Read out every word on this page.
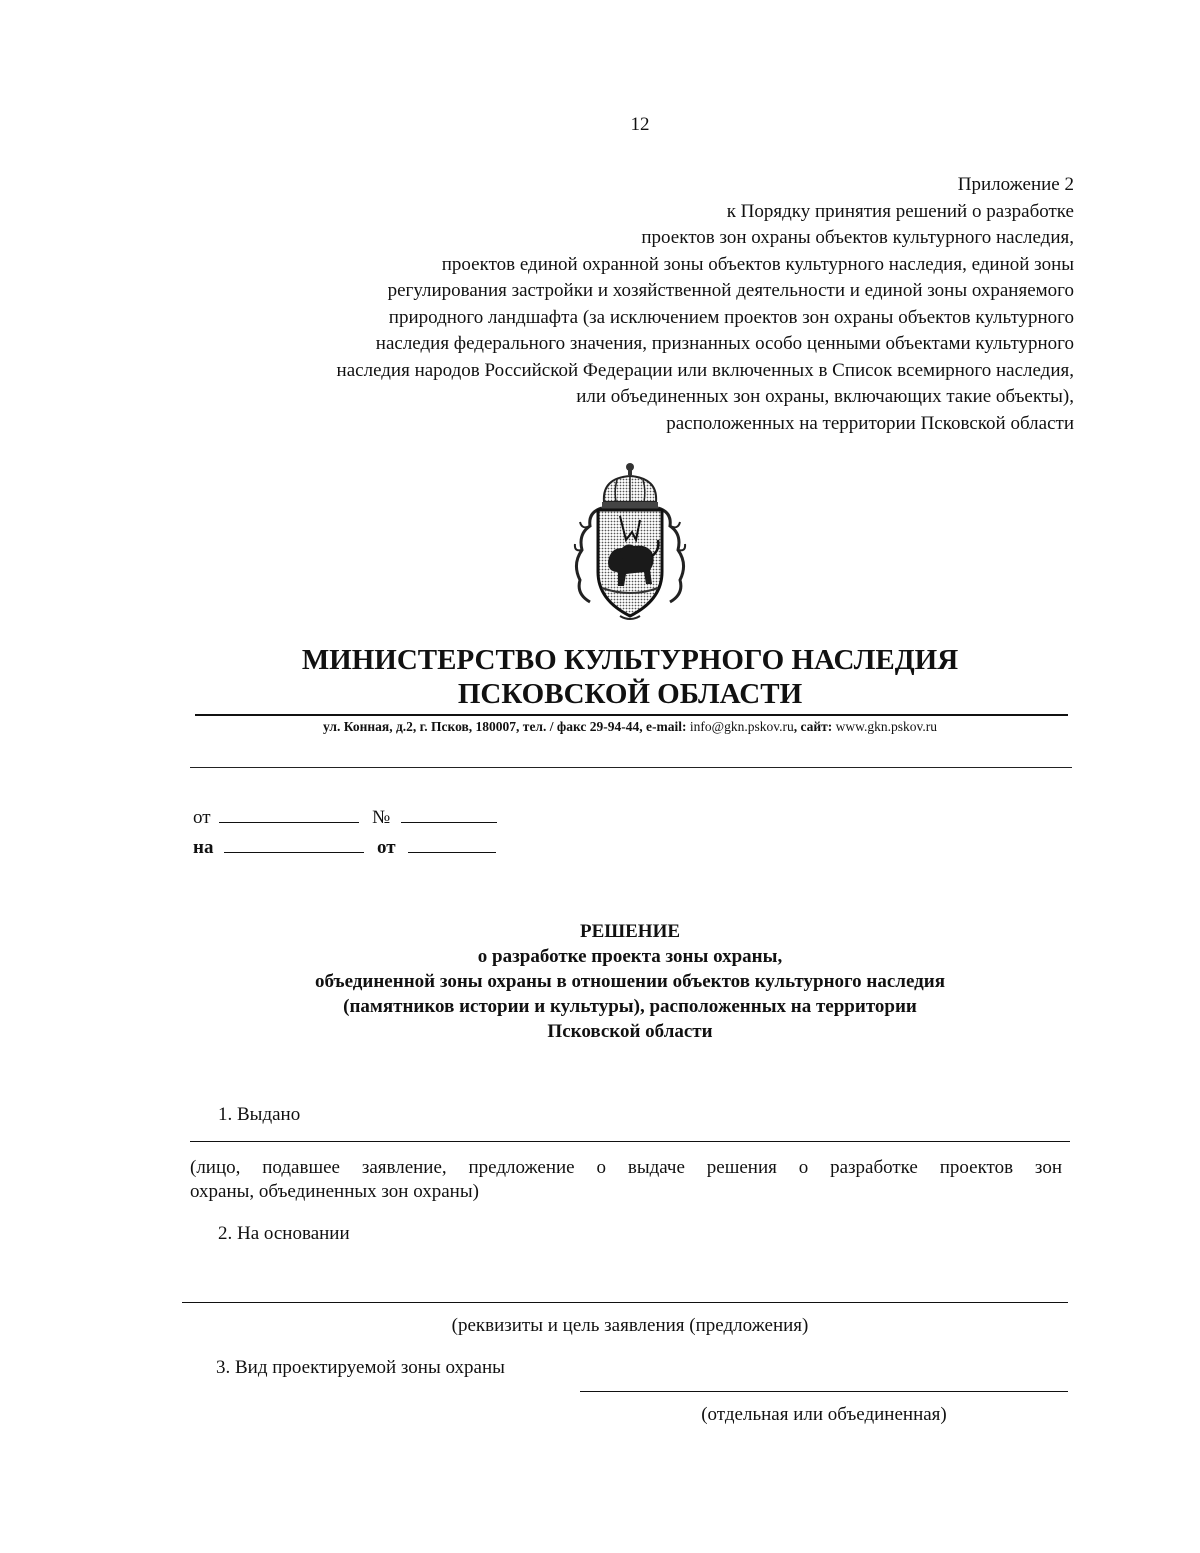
12
Приложение 2
к Порядку принятия решений о разработке
проектов зон охраны объектов культурного наследия,
проектов единой охранной зоны объектов культурного наследия, единой зоны
регулирования застройки и хозяйственной деятельности и единой зоны охраняемого
природного ландшафта (за исключением проектов зон охраны объектов культурного
наследия федерального значения, признанных особо ценными объектами культурного
наследия народов Российской Федерации или включенных в Список всемирного наследия,
или объединенных зон охраны, включающих такие объекты),
расположенных на территории Псковской области
МИНИСТЕРСТВО КУЛЬТУРНОГО НАСЛЕДИЯ
ПСКОВСКОЙ ОБЛАСТИ
ул. Конная, д.2, г. Псков, 180007, тел. / факс 29-94-44, e-mail: info@gkn.pskov.ru, сайт: www.gkn.pskov.ru
от	№
на	от
РЕШЕНИЕ
о разработке проекта зоны охраны,
объединенной зоны охраны в отношении объектов культурного наследия
(памятников истории и культуры), расположенных на территории
Псковской области
1. Выдано
(лицо, подавшее заявление, предложение о выдаче решения о разработке проектов зон
охраны, объединенных зон охраны)
2. На основании
(реквизиты и цель заявления (предложения)
3. Вид проектируемой зоны охраны
(отдельная или объединенная)
